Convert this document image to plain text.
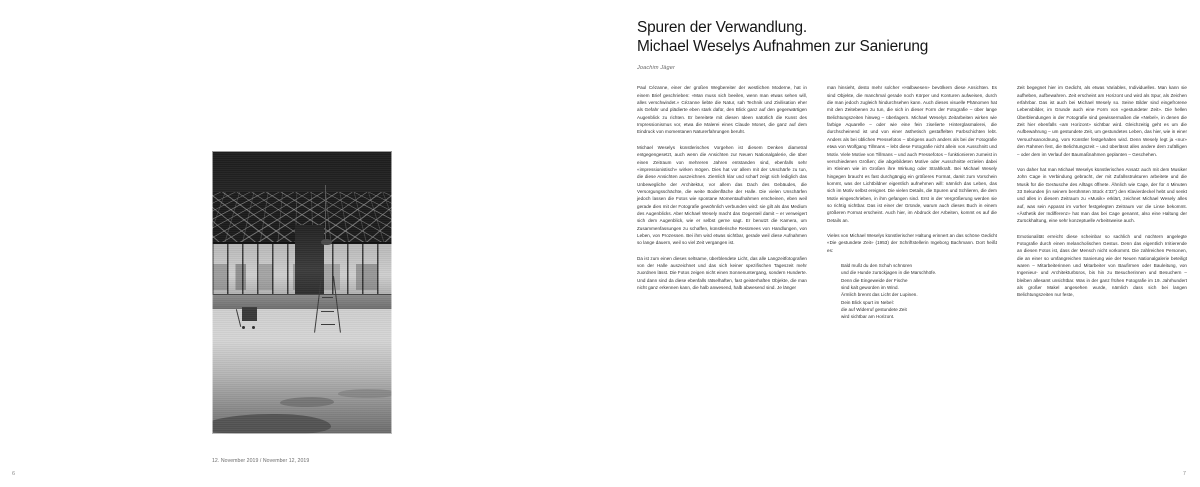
12. November 2019 / November 12, 2019
6
Spuren der Verwandlung.
Michael Weselys Aufnahmen zur Sanierung
Joachim Jäger

Paul Cézanne, einer der großen Wegbereiter der westlichen Moderne, hat in einem Brief geschrieben: «Man muss sich beeilen, wenn man etwas sehen will, alles verschwindet.» Cézanne liebte die Natur, sah Technik und Zivilisation eher als Gefahr und plädierte eben stark dafür, den Blick ganz auf den gegenwärtigen Augenblick zu richten. Er bereitete mit diesen Ideen natürlich die Kunst des Impressionismus vor, etwa die Malerei eines Claude Monet, die ganz auf dem Eindruck von momentanen Naturerfahrungen beruht.

Michael Weselys künstlerisches Vorgehen ist diesem Denken diametral entgegengesetzt, auch wenn die Ansichten zur Neuen Nationalgalerie, die über einen Zeitraum von mehreren Jahren entstanden sind, ebenfalls sehr «impressionistisch» wirken mögen. Dies hat vor allem mit der Unschärfe zu tun, die diese Ansichten auszeichnen. Ziemlich klar und scharf zeigt sich lediglich das Unbewegliche der Architektur, vor allem das Dach des Gebäudes, die Versorgungsschächte, die weite Bodenfläche der Halle. Die vielen Unschärfen jedoch lassen die Fotos wie spontane Momentaufnahmen erscheinen, eben weil gerade dies mit der Fotografie gewöhnlich verbunden wird: sie gilt als das Medium des Augenblicks. Aber Michael Wesely macht das Gegenteil damit – er verweigert sich dem Augenblick, wie er selbst gerne sagt. Er benutzt die Kamera, um Zusammenfassungen zu schaffen, künstlerische Resümees von Handlungen, von Leben, von Prozessen. Bei ihm wird etwas sichtbar, gerade weil diese Aufnahmen so lange dauern, weil so viel Zeit vergangen ist.

Da ist zum einen dieses seltsame, überblendete Licht, das alle Langzeitfotografien von der Halle auszeichnet und das sich keiner spezifischen Tageszeit mehr zuordnen lässt. Die Fotos zeigen nicht einen Sonnenuntergang, sondern Hunderte. Und dann sind da diese ebenfalls rätselhaften, fast geisterhaften Objekte, die man nicht ganz erkennen kann, die halb anwesend, halb abwesend sind. Je länger

man hinsieht, desto mehr solcher «Halbwesen» bevölkern diese Ansichten. Es sind Objekte, die manchmal gerade noch Körper und Konturen aufweisen, durch die man jedoch zugleich hindurchsehen kann. Auch dieses visuelle Phänomen hat mit den Zeitebenen zu tun, die sich in dieser Form der Fotografie – über lange Belichtungszeiten hinweg – überlagern. Michael Weselys Zeitarbeiten wirken wie farbige Aquarelle – oder wie eine fein ziselierte Hinterglasmalerei, die durchscheinend ist und von einer ästhetisch gestaffelten Farbschichten lebt. Anders als bei üblichen Pressefotos – übrigens auch anders als bei der Fotografie etwa von Wolfgang Tillmans – lebt diese Fotografie nicht allein von Ausschnitt und Motiv. Viele Motive von Tillmans – und auch Pressefotos – funktionieren zumeist in verschiedenen Größen; die abgebildeten Motive oder Ausschnitte erzielen dabei im Kleinen wie im Großen ihre Wirkung oder Strahlkraft. Bei Michael Wesely hingegen braucht es fast durchgängig ein größeres Format, damit zum Vorschein kommt, was der Lichtbildner eigentlich aufnehmen will: nämlich das Leben, das sich im Motiv selbst ereignet. Die vielen Details, die Spuren und Schlieren, die dem Motiv eingeschrieben, in ihm gefangen sind. Erst in der Vergrößerung werden sie so richtig sichtbar. Das ist einer der Gründe, warum auch dieses Buch in einem größeren Format erscheint. Auch hier, im Abdruck der Arbeiten, kommt es auf die Details an.

Vieles von Michael Weselys künstlerischer Haltung erinnert an das schöne Gedicht «Die gestundete Zeit» (1953) der Schriftstellerin Ingeborg Bachmann. Dort heißt es:

Bald mußt du den Schuh schnüren
und die Hunde zurückjagen in die Marschhöfe.
Denn die Eingeweide der Fische
sind kalt geworden im Wind.
Ärmlich brennt das Licht der Lupinen.
Dein Blick spurt im Nebel:
die auf Widerruf gestundete Zeit
wird sichtbar am Horizont.

Zeit begegnet hier im Gedicht, als etwas Variables, Individuelles. Man kann sie aufheben, aufbewahren. Zeit erscheint am Horizont und wird als Spur, als Zeichen erfahrbar. Das ist auch bei Michael Wesely so. Seine Bilder sind eingefrorene Lebensbilder, im Grunde auch eine Form von «gestundeter Zeit». Die hellen Überblendungen in der Fotografie sind gewissermaßen die «Nebel», in denen die Zeit hier ebenfalls «am Horizont» sichtbar wird. Gleichzeitig geht es um die Aufbewahrung – um gestundete Zeit, um gestundetes Leben, das hier, wie in einer Versuchsanordnung, vom Künstler festgehalten wird. Denn Wesely legt ja «nur» den Rahmen fest, die Belichtungszeit – und überlässt alles andere dem zufälligen – oder dem im Verlauf der Baumaßnahmen geplanten – Geschehen.

Von daher hat man Michael Weselys künstlerischen Ansatz auch mit dem Musiker John Cage in Verbindung gebracht, der mit Zufallsstrukturen arbeitete und die Musik für die Geräusche des Alltags öffnete. Ähnlich wie Cage, der für 4 Minuten 33 Sekunden (in seinem berühmten Stück 4'33") den Klavierdeckel hebt und senkt und alles in diesem Zeitraum zu «Musik» erklärt, zeichnet Michael Wesely alles auf, was sein Apparat im vorher festgelegten Zeitraum vor die Linse bekommt. «Ästhetik der Indifferenz» hat man das bei Cage genannt, also eine Haltung der Zurückhaltung, eine sehr konzeptuelle Arbeitsweise auch.

Emotionalität erreicht diese scheinbar so sachlich und nüchtern angelegte Fotografie durch einen melancholischen Gestus. Denn das eigentlich Irritierende an diesen Fotos ist, dass der Mensch nicht vorkommt. Die zahlreichen Personen, die an einer so umfangreichen Sanierung wie der Neuen Nationalgalerie beteiligt waren – Mitarbeiterinnen und Mitarbeiter von Baufirmen oder Bauleitung, von Ingenieur- und Architekturbüros, bis hin zu Besucherinnen und Besuchern – bleiben allesamt unsichtbar. Was in der ganz frühen Fotografie im 19. Jahrhundert als großer Makel angesehen wurde, nämlich dass sich bei langen Belichtungszeiten nur feste,

7
